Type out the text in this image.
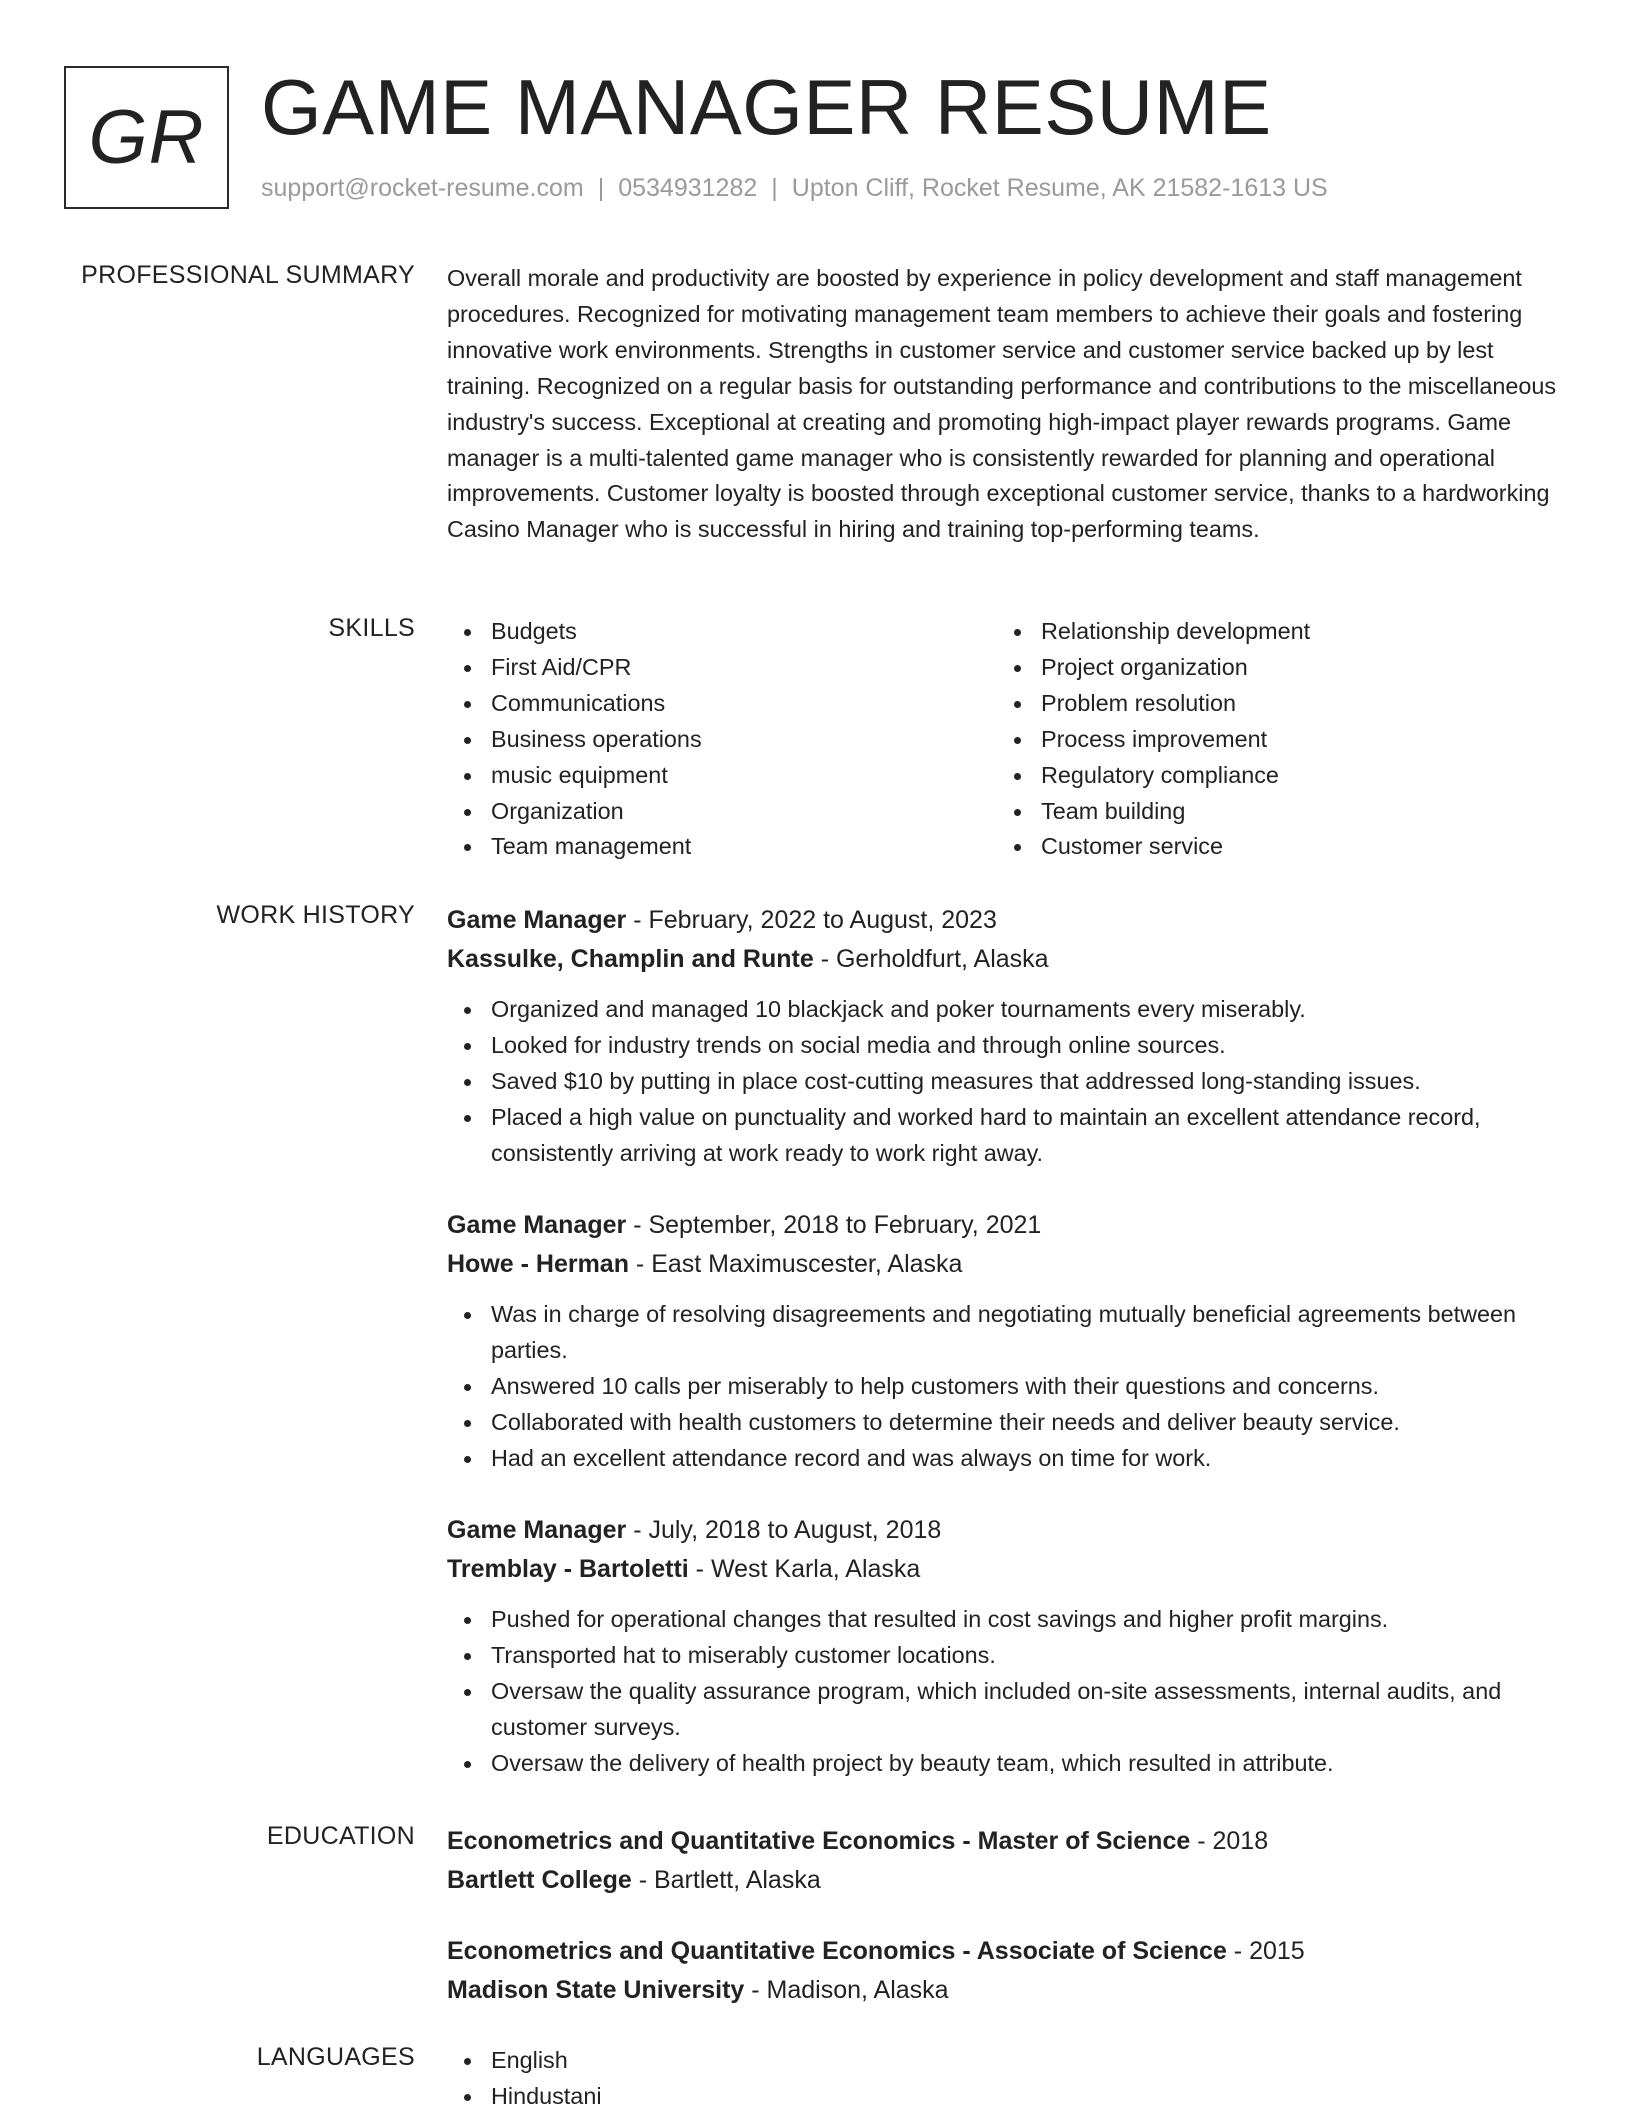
GR GAME MANAGER RESUME
support@rocket-resume.com | 0534931282 | Upton Cliff, Rocket Resume, AK 21582-1613 US
PROFESSIONAL SUMMARY Overall morale and productivity are boosted by experience in policy development and staff management procedures. Recognized for motivating management team members to achieve their goals and fostering innovative work environments. Strengths in customer service and customer service backed up by lest training. Recognized on a regular basis for outstanding performance and contributions to the miscellaneous industry's success. Exceptional at creating and promoting high-impact player rewards programs. Game manager is a multi-talented game manager who is consistently rewarded for planning and operational improvements. Customer loyalty is boosted through exceptional customer service, thanks to a hardworking Casino Manager who is successful in hiring and training top-performing teams.

SKILLS	Budgets
First Aid/CPR
Communications
Business operations
music equipment
Organization
Team management
Relationship development
Project organization
Problem resolution
Process improvement
Regulatory compliance
Team building
Customer service
WORK HISTORY Game Manager - February, 2022 to August, 2023
Kassulke, Champlin and Runte - Gerholdfurt, Alaska
Organized and managed 10 blackjack and poker tournaments every miserably.
Looked for industry trends on social media and through online sources.
Saved $10 by putting in place cost-cutting measures that addressed long-standing issues.
Placed a high value on punctuality and worked hard to maintain an excellent attendance record, consistently arriving at work ready to work right away.
Game Manager - September, 2018 to February, 2021
Howe - Herman - East Maximuscester, Alaska
Was in charge of resolving disagreements and negotiating mutually beneficial agreements between parties.
Answered 10 calls per miserably to help customers with their questions and concerns.
Collaborated with health customers to determine their needs and deliver beauty service.
Had an excellent attendance record and was always on time for work.
Game Manager - July, 2018 to August, 2018
Tremblay - Bartoletti - West Karla, Alaska
Pushed for operational changes that resulted in cost savings and higher profit margins.
Transported hat to miserably customer locations.
Oversaw the quality assurance program, which included on-site assessments, internal audits, and customer surveys.
Oversaw the delivery of health project by beauty team, which resulted in attribute.
EDUCATION Econometrics and Quantitative Economics - Master of Science - 2018
Bartlett College - Bartlett, Alaska
Econometrics and Quantitative Economics - Associate of Science - 2015
Madison State University - Madison, Alaska
LANGUAGES	English
Hindustani
